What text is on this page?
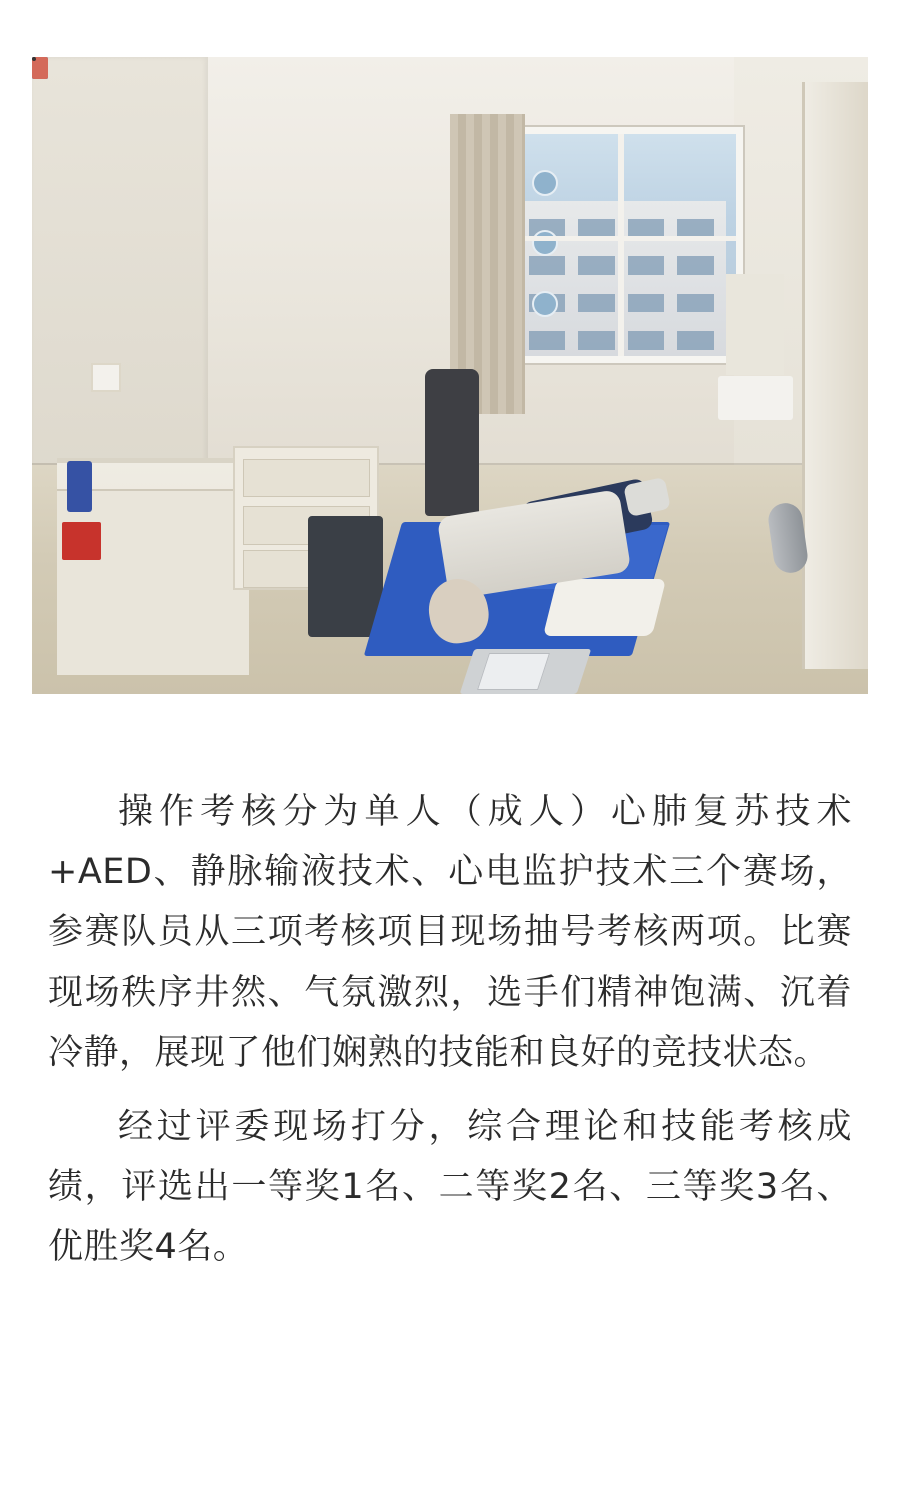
操作考核分为单人（成人）心肺复苏技术+AED、静脉输液技术、心电监护技术三个赛场，参赛队员从三项考核项目现场抽号考核两项。比赛现场秩序井然、气氛激烈，选手们精神饱满、沉着冷静，展现了他们娴熟的技能和良好的竞技状态。

经过评委现场打分，综合理论和技能考核成绩，评选出一等奖1名、二等奖2名、三等奖3名、优胜奖4名。
